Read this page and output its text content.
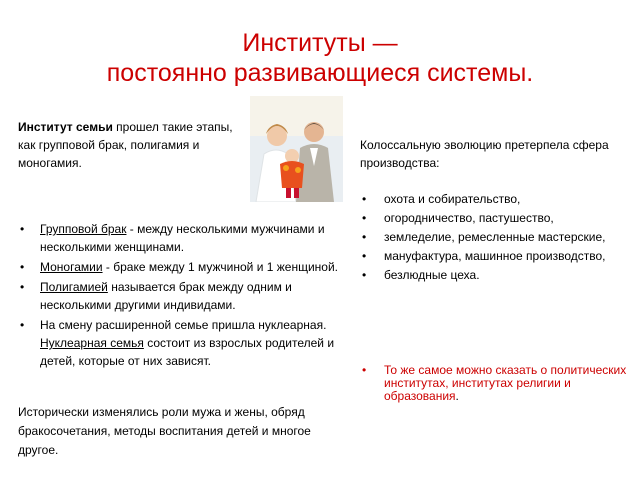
Институты —
постоянно развивающиеся системы.
Институт семьи прошел такие этапы, как групповой брак, полигамия и моногамия.
• Групповой брак - между несколькими мужчинами и несколькими женщинами.
• Моногамии - браке между 1 мужчиной и 1 женщиной.
• Полигамией называется брак между одним и несколькими другими индивидами.
• На смену расширенной семье пришла нуклеарная. Нуклеарная семья состоит из взрослых родителей и детей, которые от них зависят.
Исторически изменялись роли мужа и жены, обряд бракосочетания, методы воспитания детей и многое другое.
Колоссальную эволюцию претерпела сфера производства:
• охота и собирательство,
• огородничество, пастушество,
• земледелие, ремесленные мастерские,
• мануфактура, машинное производство,
• безлюдные цеха.

• То же самое можно сказать о политических институтах, институтах религии и образования.
